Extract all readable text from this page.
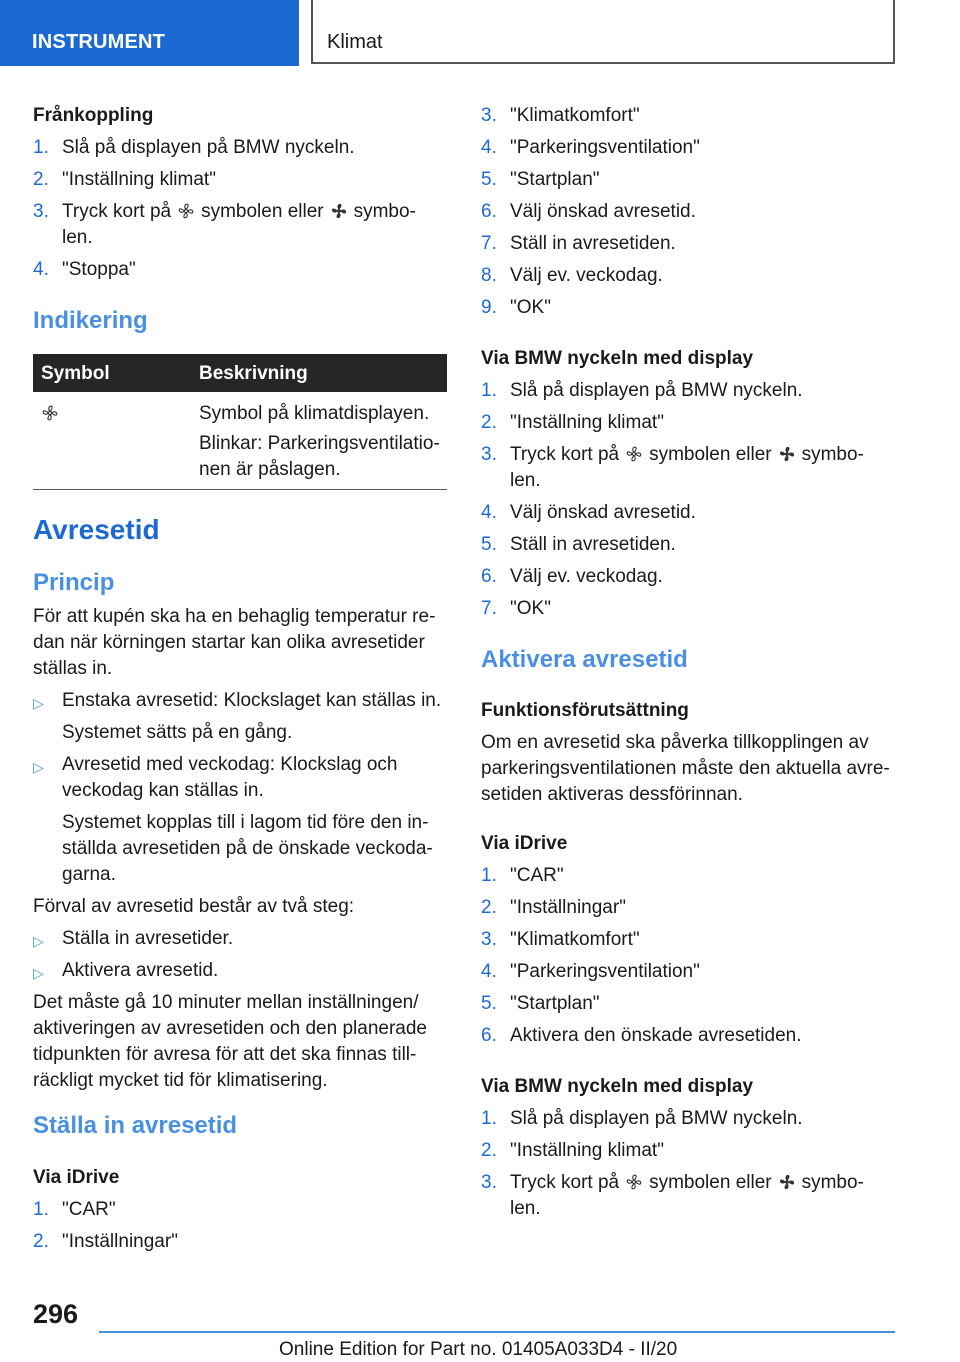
INSTRUMENT	Klimat
Frånkoppling
1. Slå på displayen på BMW nyckeln.
2. "Inställning klimat"
3. Tryck kort på symbolen eller symbo-
len.
4. "Stoppa"
Indikering
Symbol	Beskrivning
Symbol på klimatdisplayen.
Blinkar: Parkeringsventilatio-
nen är påslagen.
Avresetid
Princip
För att kupén ska ha en behaglig temperatur re-
dan när körningen startar kan olika avresetider
ställas in.
▷ Enstaka avresetid: Klockslaget kan ställas in.
Systemet sätts på en gång.
▷ Avresetid med veckodag: Klockslag och
veckodag kan ställas in.
Systemet kopplas till i lagom tid före den in-
ställda avresetiden på de önskade veckoda-
garna.
Förval av avresetid består av två steg:
▷ Ställa in avresetider.
▷ Aktivera avresetid.
Det måste gå 10 minuter mellan inställningen/
aktiveringen av avresetiden och den planerade
tidpunkten för avresa för att det ska finnas till-
räckligt mycket tid för klimatisering.
Ställa in avresetid
Via iDrive
1. "CAR"
2. "Inställningar"
3. "Klimatkomfort"
4. "Parkeringsventilation"
5. "Startplan"
6. Välj önskad avresetid.
7. Ställ in avresetiden.
8. Välj ev. veckodag.
9. "OK"
Via BMW nyckeln med display
1. Slå på displayen på BMW nyckeln.
2. "Inställning klimat"
3. Tryck kort på symbolen eller symbo-
len.
4. Välj önskad avresetid.
5. Ställ in avresetiden.
6. Välj ev. veckodag.
7. "OK"
Aktivera avresetid
Funktionsförutsättning
Om en avresetid ska påverka tillkopplingen av
parkeringsventilationen måste den aktuella avre-
setiden aktiveras dessförinnan.
Via iDrive
1. "CAR"
2. "Inställningar"
3. "Klimatkomfort"
4. "Parkeringsventilation"
5. "Startplan"
6. Aktivera den önskade avresetiden.
Via BMW nyckeln med display
1. Slå på displayen på BMW nyckeln.
2. "Inställning klimat"
3. Tryck kort på symbolen eller symbo-
len.
296
Online Edition for Part no. 01405A033D4 - II/20
